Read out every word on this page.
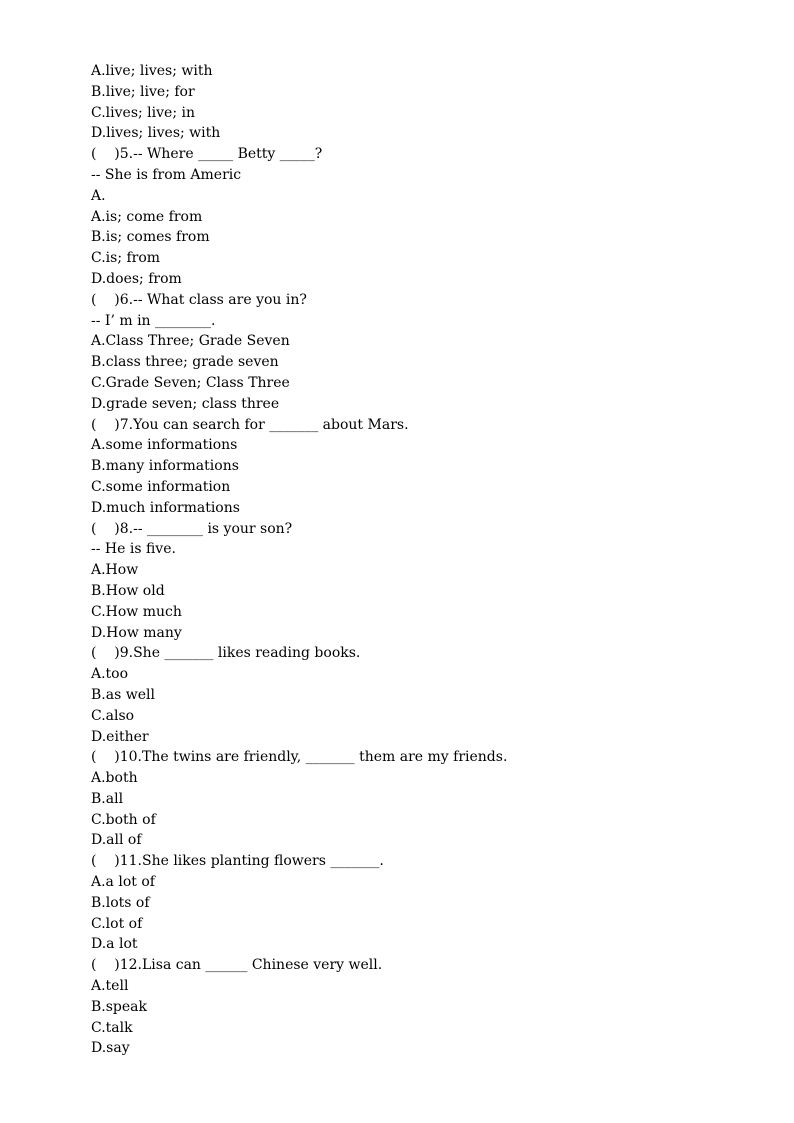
A.live; lives; with
B.live; live; for
C.lives; live; in
D.lives; lives; with
(    )5.-- Where _____ Betty _____?
-- She is from Americ
A.
A.is; come from
B.is; comes from
C.is; from
D.does; from
(    )6.-- What class are you in?
-- I’ m in ________.
A.Class Three; Grade Seven
B.class three; grade seven
C.Grade Seven; Class Three
D.grade seven; class three
(    )7.You can search for _______ about Mars.
A.some informations
B.many informations
C.some information
D.much informations
(    )8.-- ________ is your son?
-- He is five.
A.How
B.How old
C.How much
D.How many
(    )9.She _______ likes reading books.
A.too
B.as well
C.also
D.either
(    )10.The twins are friendly, _______ them are my friends.
A.both
B.all
C.both of
D.all of
(    )11.She likes planting flowers _______.
A.a lot of
B.lots of
C.lot of
D.a lot
(    )12.Lisa can ______ Chinese very well.
A.tell
B.speak
C.talk
D.say
